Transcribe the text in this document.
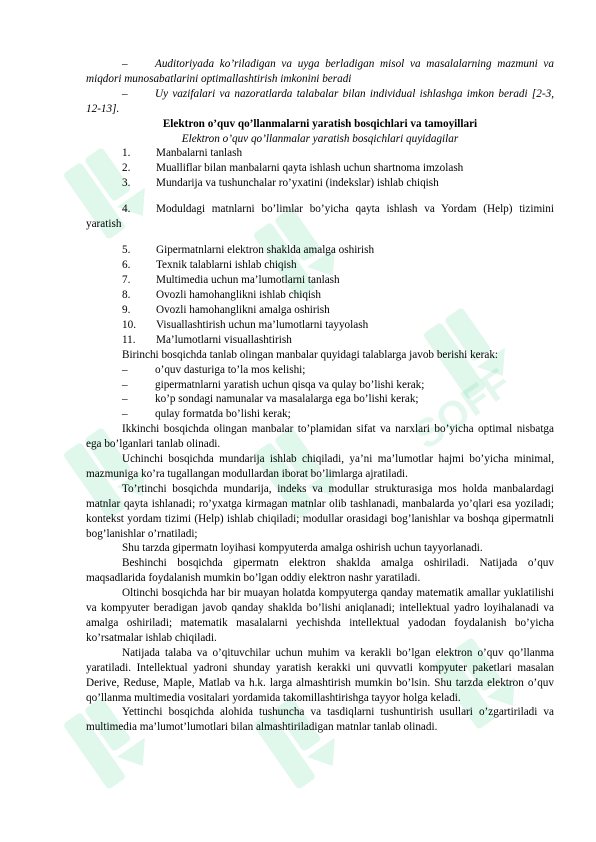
SOFF
–	Auditoriyada ko’riladigan va uyga berladigan misol va masalalarning mazmuni va miqdori munosabatlarini optimallashtirish imkonini beradi
–	Uy vazifalari va nazoratlarda talabalar bilan individual ishlashga imkon beradi [2-3, 12-13].
Elektron o’quv qo’llanmalarni yaratish bosqichlari va tamoyillari

Elektron o’quv qo’llanmalar yaratish bosqichlari quyidagilar

1.	Manbalarni tanlash
2.	Mualliflar bilan manbalarni qayta ishlash uchun shartnoma imzolash
3.	Mundarija va tushunchalar ro’yxatini (indekslar) ishlab chiqish

4. Moduldagi matnlarni bo’limlar bo’yicha qayta ishlash va Yordam (Help) tizimini yaratish

5.	Gipermatnlarni elektron shaklda amalga oshirish
6.	Texnik talablarni ishlab chiqish
7.	Multimedia uchun ma’lumotlarni tanlash
8.	Ovozli hamohanglikni ishlab chiqish
9.	Ovozli hamohanglikni amalga oshirish
10.	Visuallashtirish uchun ma’lumotlarni tayyolash
11.	Ma’lumotlarni visuallashtirish

Birinchi bosqichda tanlab olingan manbalar quyidagi talablarga javob berishi kerak:

–	o’quv dasturiga to’la mos kelishi;
–	gipermatnlarni yaratish uchun qisqa va qulay bo’lishi kerak;
–	ko’p sondagi namunalar va masalalarga ega bo’lishi kerak;
–	qulay formatda bo’lishi kerak;

Ikkinchi bosqichda olingan manbalar to’plamidan sifat va narxlari bo’yicha optimal nisbatga ega bo’lganlari tanlab olinadi.

Uchinchi bosqichda mundarija ishlab chiqiladi, ya’ni ma’lumotlar hajmi bo’yicha minimal, mazmuniga ko’ra tugallangan modullardan iborat bo’limlarga ajratiladi.

To’rtinchi bosqichda mundarija, indeks va modullar strukturasiga mos holda manbalardagi matnlar qayta ishlanadi; ro’yxatga kirmagan matnlar olib tashlanadi, manbalarda yo’qlari esa yoziladi; kontekst yordam tizimi (Help) ishlab chiqiladi; modullar orasidagi bog’lanishlar va boshqa gipermatnli bog’lanishlar o’rnatiladi;

Shu tarzda gipermatn loyihasi kompyuterda amalga oshirish uchun tayyorlanadi.

Beshinchi bosqichda gipermatn elektron shaklda amalga oshiriladi. Natijada o’quv maqsadlarida foydalanish mumkin bo’lgan oddiy elektron nashr yaratiladi.

Oltinchi bosqichda har bir muayan holatda kompyuterga qanday matematik amallar yuklatilishi va kompyuter beradigan javob qanday shaklda bo’lishi aniqlanadi; intellektual yadro loyihalanadi va amalga oshiriladi; matematik masalalarni yechishda intellektual yadodan foydalanish bo’yicha ko’rsatmalar ishlab chiqiladi.

Natijada talaba va o’qituvchilar uchun muhim va kerakli bo’lgan elektron o’quv qo’llanma yaratiladi. Intellektual yadroni shunday yaratish kerakki uni quvvatli kompyuter paketlari masalan Derive, Reduse, Maple, Matlab va h.k. larga almashtirish mumkin bo’lsin. Shu tarzda elektron o’quv qo’llanma multimedia vositalari yordamida takomillashtirishga tayyor holga keladi.

Yettinchi bosqichda alohida tushuncha va tasdiqlarni tushuntirish usullari o’zgartiriladi va multimedia ma’lumot’lumotlari bilan almashtiriladigan matnlar tanlab olinadi.
